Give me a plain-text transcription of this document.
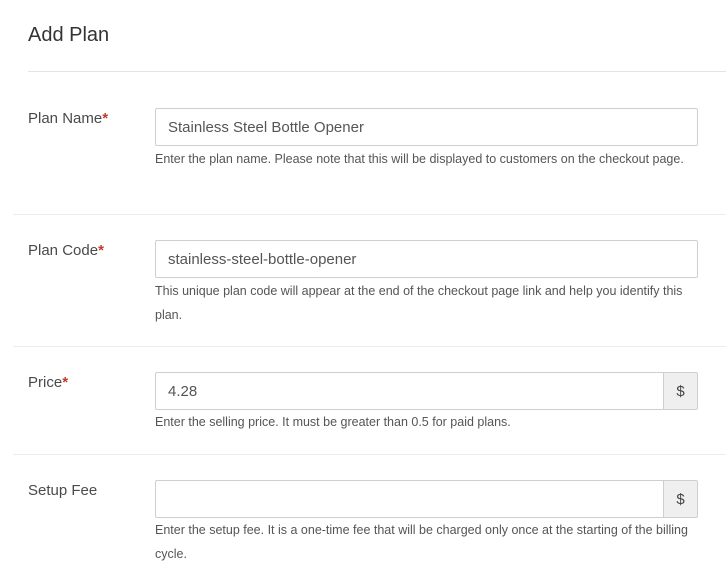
Add Plan
Plan Name*
Stainless Steel Bottle Opener
Enter the plan name. Please note that this will be displayed to customers on the checkout page.
Plan Code*
stainless-steel-bottle-opener
This unique plan code will appear at the end of the checkout page link and help you identify this plan.
Price*
4.28	$
Enter the selling price. It must be greater than 0.5 for paid plans.
Setup Fee	$
Enter the setup fee. It is a one-time fee that will be charged only once at the starting of the billing cycle.
